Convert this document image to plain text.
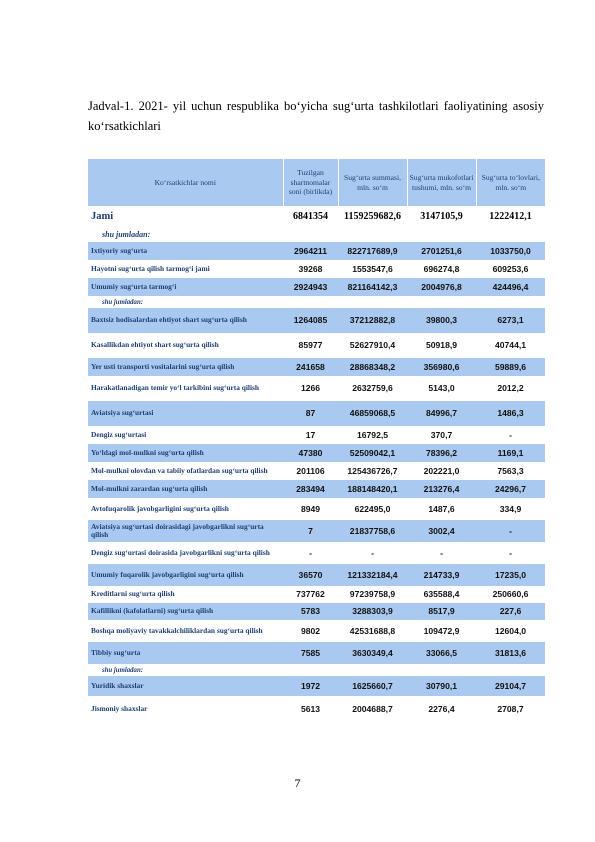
Jadval-1. 2021- yil uchun respublika bo‘yicha sug‘urta tashkilotlari faoliyatining asosiy ko‘rsatkichlari
Ko‘rsatkichlar nomi	Tuzilgan shartnomalar soni (birlikda)	Sug‘urta summasi, mln. so‘m	Sug‘urta mukofotlari tushumi, mln. so‘m	Sug‘urta to‘lovlari, mln. so‘m
Jami	6841354	1159259682,6	3147105,9	1222412,1
shu jumladan:				
Ixtiyoriy sug‘urta	2964211	822717689,9	2701251,6	1033750,0
Hayotni sug‘urta qilish tarmog‘i jami	39268	1553547,6	696274,8	609253,6
Umumiy sug‘urta tarmog‘i	2924943	821164142,3	2004976,8	424496,4
shu jumladan:				
Baxtsiz hodisalardan ehtiyot shart sug‘urta qilish	1264085	37212882,8	39800,3	6273,1
Kasallikdan ehtiyot shart sug‘urta qilish	85977	52627910,4	50918,9	40744,1
Yer usti transporti vositalarini sug‘urta qilish	241658	28868348,2	356980,6	59889,6
Harakatlanadigan temir yo‘l tarkibini sug‘urta qilish	1266	2632759,6	5143,0	2012,2
Aviatsiya sug‘urtasi	87	46859068,5	84996,7	1486,3
Dengiz sug‘urtasi	17	16792,5	370,7	-
Yo‘ldagi mol-mulkni sug‘urta qilish	47380	52509042,1	78396,2	1169,1
Mol-mulkni olovdan va tabiiy ofatlardan sug‘urta qilish	201106	125436726,7	202221,0	7563,3
Mol-mulkni zarardan sug‘urta qilish	283494	188148420,1	213276,4	24296,7
Avtofuqarolik javobgarligini sug‘urta qilish	8949	622495,0	1487,6	334,9
Aviatsiya sug‘urtasi doirasidagi javobgarlikni sug‘urta qilish	7	21837758,6	3002,4	-
Dengiz sug‘urtasi doirasida javobgarlikni sug‘urta qilish	-	-	-	-
Umumiy fuqarolik javobgarligini sug‘urta qilish	36570	121332184,4	214733,9	17235,0
Kreditlarni sug‘urta qilish	737762	97239758,9	635588,4	250660,6
Kafillikni (kafolatlarni) sug‘urta qilish	5783	3288303,9	8517,9	227,6
Boshqa moliyaviy tavakkalchiliklardan sug‘urta qilish	9802	42531688,8	109472,9	12604,0
Tibbiy sug‘urta	7585	3630349,4	33066,5	31813,6
shu jumladan:				
Yuridik shaxslar	1972	1625660,7	30790,1	29104,7
Jismoniy shaxslar	5613	2004688,7	2276,4	2708,7
7
